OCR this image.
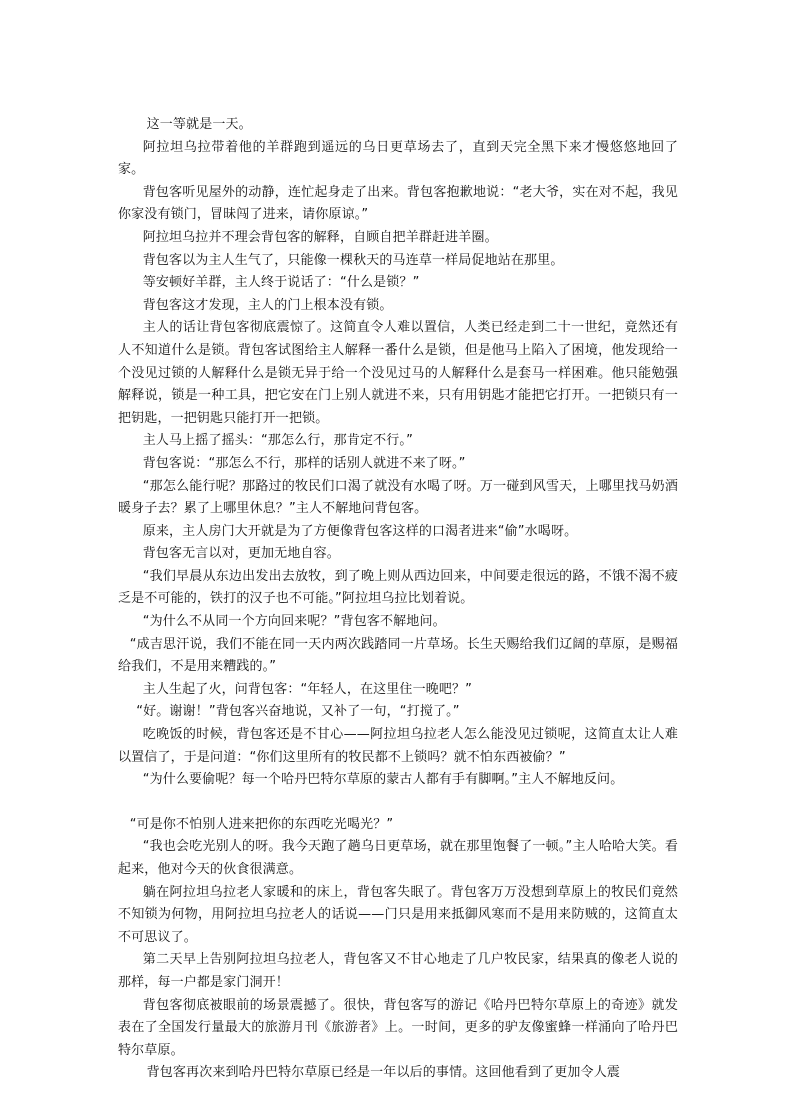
这一等就是一天。

阿拉坦乌拉带着他的羊群跑到遥远的乌日更草场去了，直到天完全黑下来才慢悠悠地回了家。

背包客听见屋外的动静，连忙起身走了出来。背包客抱歉地说：“老大爷，实在对不起，我见你家没有锁门，冒昧闯了进来，请你原谅。”

阿拉坦乌拉并不理会背包客的解释，自顾自把羊群赶进羊圈。

背包客以为主人生气了，只能像一棵秋天的马连草一样局促地站在那里。

等安顿好羊群，主人终于说话了：“什么是锁？”

背包客这才发现，主人的门上根本没有锁。

主人的话让背包客彻底震惊了。这简直令人难以置信，人类已经走到二十一世纪，竟然还有人不知道什么是锁。背包客试图给主人解释一番什么是锁，但是他马上陷入了困境，他发现给一个没见过锁的人解释什么是锁无异于给一个没见过马的人解释什么是套马一样困难。他只能勉强解释说，锁是一种工具，把它安在门上别人就进不来，只有用钥匙才能把它打开。一把锁只有一把钥匙，一把钥匙只能打开一把锁。

主人马上摇了摇头：“那怎么行，那肯定不行。”

背包客说：“那怎么不行，那样的话别人就进不来了呀。”

“那怎么能行呢？那路过的牧民们口渴了就没有水喝了呀。万一碰到风雪天，上哪里找马奶酒暖身子去？累了上哪里休息？”主人不解地问背包客。

原来，主人房门大开就是为了方便像背包客这样的口渴者进来“偷”水喝呀。

背包客无言以对，更加无地自容。

“我们早晨从东边出发出去放牧，到了晚上则从西边回来，中间要走很远的路，不饿不渴不疲乏是不可能的，铁打的汉子也不可能。”阿拉坦乌拉比划着说。

“为什么不从同一个方向回来呢？”背包客不解地问。

“成吉思汗说，我们不能在同一天内两次践踏同一片草场。长生天赐给我们辽阔的草原，是赐福给我们，不是用来糟践的。”

主人生起了火，问背包客：“年轻人，在这里住一晚吧？”

“好。谢谢！”背包客兴奋地说，又补了一句，“打搅了。”

吃晚饭的时候，背包客还是不甘心——阿拉坦乌拉老人怎么能没见过锁呢，这简直太让人难以置信了，于是问道：“你们这里所有的牧民都不上锁吗？就不怕东西被偷？”

“为什么要偷呢？每一个哈丹巴特尔草原的蒙古人都有手有脚啊。”主人不解地反问。

“可是你不怕别人进来把你的东西吃光喝光？”

“我也会吃光别人的呀。我今天跑了趟乌日更草场，就在那里饱餐了一顿。”主人哈哈大笑。看起来，他对今天的伙食很满意。

躺在阿拉坦乌拉老人家暖和的床上，背包客失眠了。背包客万万没想到草原上的牧民们竟然不知锁为何物，用阿拉坦乌拉老人的话说——门只是用来抵御风寒而不是用来防贼的，这简直太不可思议了。

第二天早上告别阿拉坦乌拉老人，背包客又不甘心地走了几户牧民家，结果真的像老人说的那样，每一户都是家门洞开！

背包客彻底被眼前的场景震撼了。很快，背包客写的游记《哈丹巴特尔草原上的奇迹》就发表在了全国发行量最大的旅游月刊《旅游者》上。一时间，更多的驴友像蜜蜂一样涌向了哈丹巴特尔草原。

背包客再次来到哈丹巴特尔草原已经是一年以后的事情。这回他看到了更加令人震
